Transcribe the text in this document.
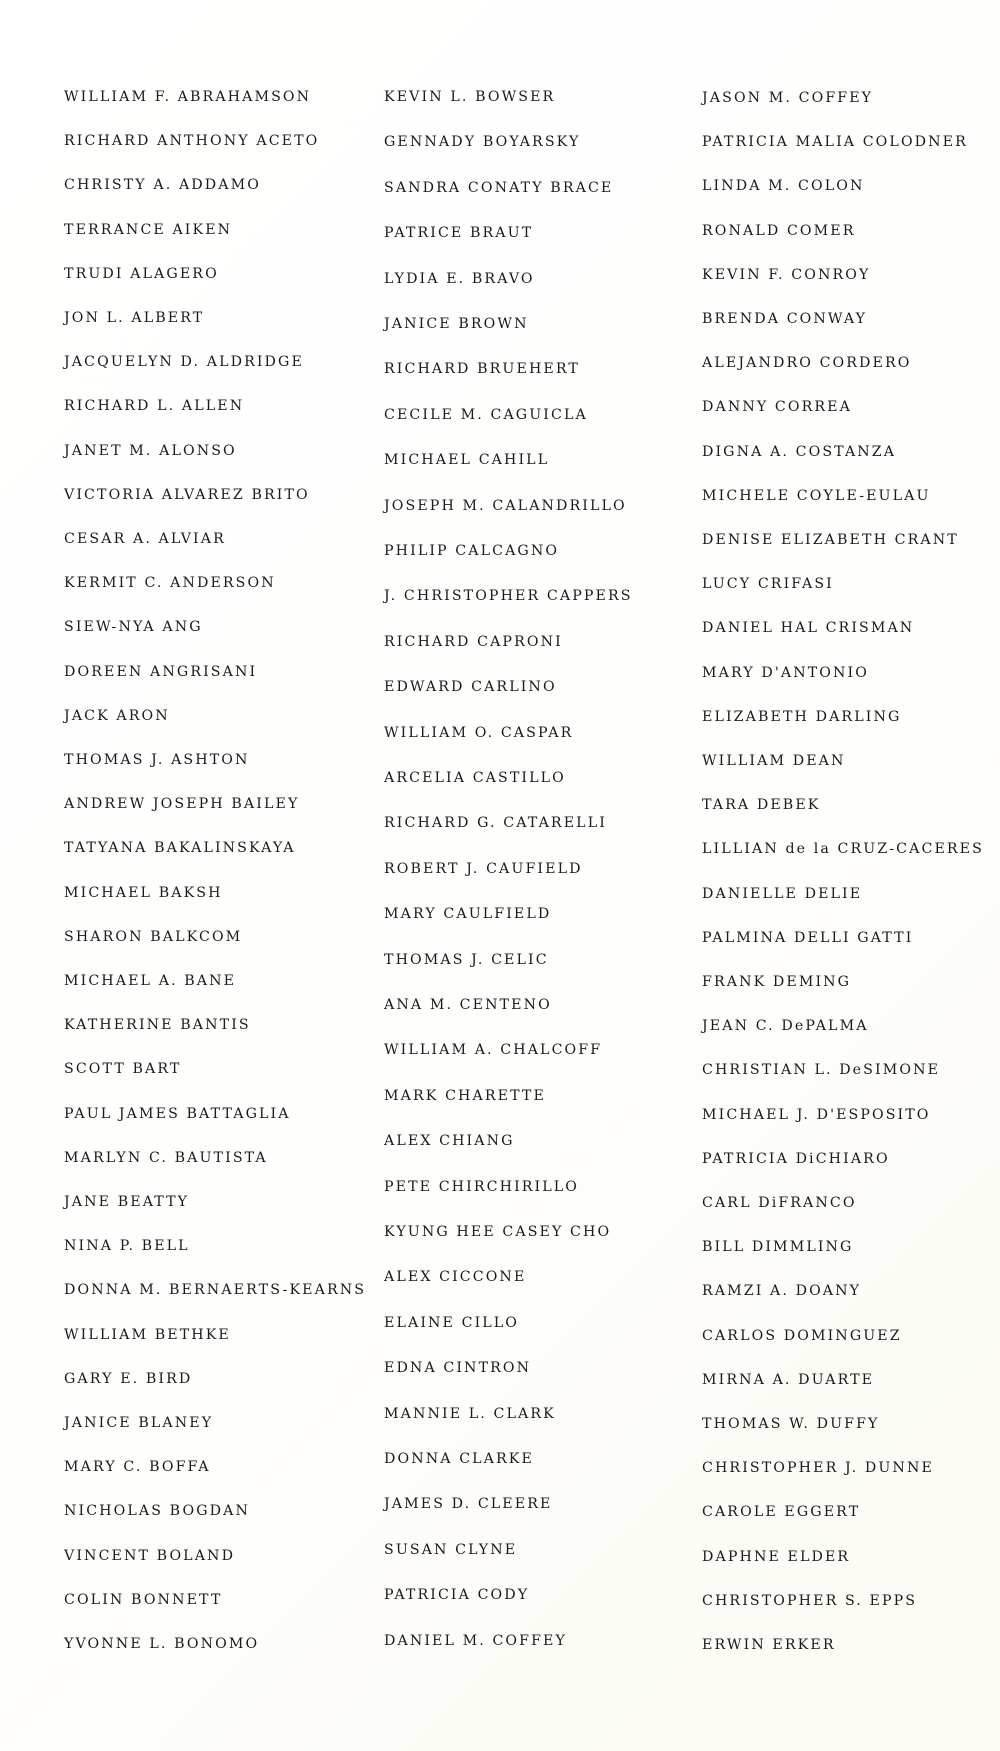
WILLIAM F. ABRAHAMSON
RICHARD ANTHONY ACETO
CHRISTY A. ADDAMO
TERRANCE AIKEN
TRUDI ALAGERO
JON L. ALBERT
JACQUELYN D. ALDRIDGE
RICHARD L. ALLEN
JANET M. ALONSO
VICTORIA ALVAREZ BRITO
CESAR A. ALVIAR
KERMIT C. ANDERSON
SIEW-NYA ANG
DOREEN ANGRISANI
JACK ARON
THOMAS J. ASHTON
ANDREW JOSEPH BAILEY
TATYANA BAKALINSKAYA
MICHAEL BAKSH
SHARON BALKCOM
MICHAEL A. BANE
KATHERINE BANTIS
SCOTT BART
PAUL JAMES BATTAGLIA
MARLYN C. BAUTISTA
JANE BEATTY
NINA P. BELL
DONNA M. BERNAERTS-KEARNS
WILLIAM BETHKE
GARY E. BIRD
JANICE BLANEY
MARY C. BOFFA
NICHOLAS BOGDAN
VINCENT BOLAND
COLIN BONNETT
YVONNE L. BONOMO
KEVIN L. BOWSER
GENNADY BOYARSKY
SANDRA CONATY BRACE
PATRICE BRAUT
LYDIA E. BRAVO
JANICE BROWN
RICHARD BRUEHERT
CECILE M. CAGUICLA
MICHAEL CAHILL
JOSEPH M. CALANDRILLO
PHILIP CALCAGNO
J. CHRISTOPHER CAPPERS
RICHARD CAPRONI
EDWARD CARLINO
WILLIAM O. CASPAR
ARCELIA CASTILLO
RICHARD G. CATARELLI
ROBERT J. CAUFIELD
MARY CAULFIELD
THOMAS J. CELIC
ANA M. CENTENO
WILLIAM A. CHALCOFF
MARK CHARETTE
ALEX CHIANG
PETE CHIRCHIRILLO
KYUNG HEE CASEY CHO
ALEX CICCONE
ELAINE CILLO
EDNA CINTRON
MANNIE L. CLARK
DONNA CLARKE
JAMES D. CLEERE
SUSAN CLYNE
PATRICIA CODY
DANIEL M. COFFEY
JASON M. COFFEY
PATRICIA MALIA COLODNER
LINDA M. COLON
RONALD COMER
KEVIN F. CONROY
BRENDA CONWAY
ALEJANDRO CORDERO
DANNY CORREA
DIGNA A. COSTANZA
MICHELE COYLE-EULAU
DENISE ELIZABETH CRANT
LUCY CRIFASI
DANIEL HAL CRISMAN
MARY D'ANTONIO
ELIZABETH DARLING
WILLIAM DEAN
TARA DEBEK
LILLIAN de la CRUZ-CACERES
DANIELLE DELIE
PALMINA DELLI GATTI
FRANK DEMING
JEAN C. DePALMA
CHRISTIAN L. DeSIMONE
MICHAEL J. D'ESPOSITO
PATRICIA DiCHIARO
CARL DiFRANCO
BILL DIMMLING
RAMZI A. DOANY
CARLOS DOMINGUEZ
MIRNA A. DUARTE
THOMAS W. DUFFY
CHRISTOPHER J. DUNNE
CAROLE EGGERT
DAPHNE ELDER
CHRISTOPHER S. EPPS
ERWIN ERKER
